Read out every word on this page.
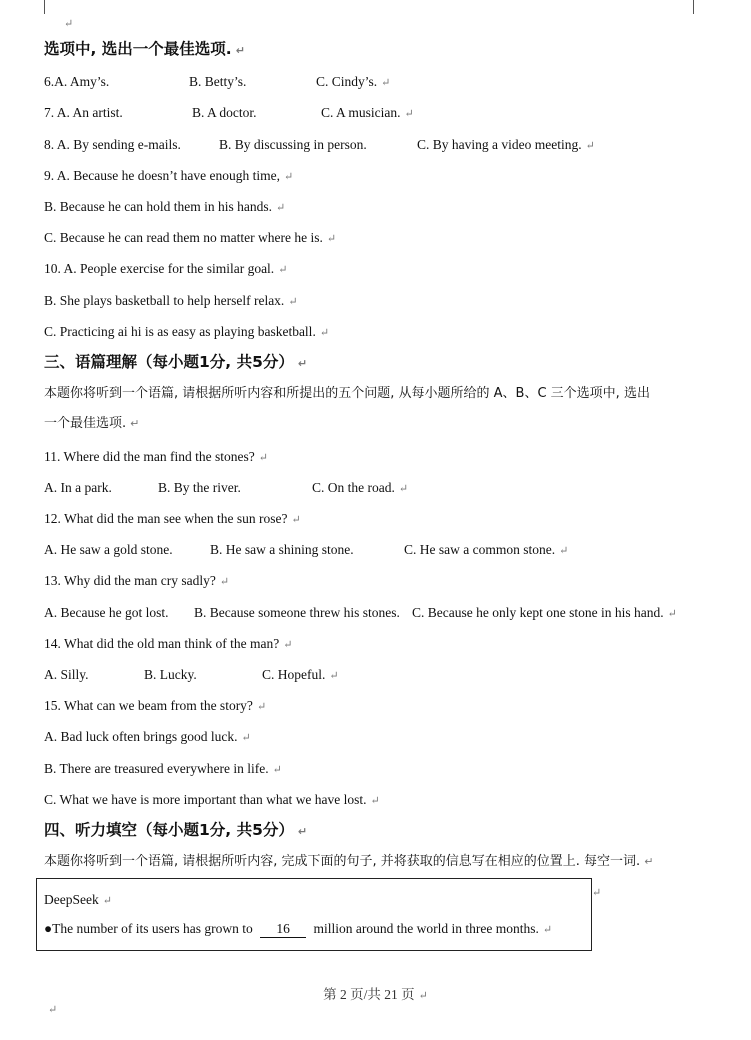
↵
选项中, 选出一个最佳选项. ↵
6.A. Amy’s.	B. Betty’s.	C. Cindy’s. ↵
7. A. An artist.	B. A doctor.	C. A musician. ↵
8. A. By sending e-mails.	B. By discussing in person.	C. By having a video meeting. ↵
9. A. Because he doesn’t have enough time, ↵
B. Because he can hold them in his hands. ↵
C. Because he can read them no matter where he is. ↵
10. A. People exercise for the similar goal. ↵
B. She plays basketball to help herself relax. ↵
C. Practicing ai hi is as easy as playing basketball. ↵
三、语篇理解（每小题1分, 共5分） ↵
本题你将听到一个语篇, 请根据所听内容和所提出的五个问题, 从每小题所给的 A、B、C 三个选项中, 选出
一个最佳选项. ↵
11. Where did the man find the stones? ↵
A. In a park.	B. By the river.	C. On the road. ↵
12. What did the man see when the sun rose? ↵
A. He saw a gold stone.	B. He saw a shining stone.	C. He saw a common stone. ↵
13. Why did the man cry sadly? ↵
A. Because he got lost. B. Because someone threw his stones. C. Because he only kept one stone in his hand. ↵
14. What did the old man think of the man? ↵
A. Silly.	B. Lucky.	C. Hopeful. ↵
15. What can we beam from the story? ↵
A. Bad luck often brings good luck. ↵
B. There are treasured everywhere in life. ↵
C. What we have is more important than what we have lost. ↵
四、听力填空（每小题1分, 共5分） ↵
本题你将听到一个语篇, 请根据所听内容, 完成下面的句子, 并将获取的信息写在相应的位置上. 每空一词. ↵
DeepSeek ↵
●The number of its users has grown to 16 million around the world in three months. ↵
↵
第 2 页/共 21 页 ↵
↵
